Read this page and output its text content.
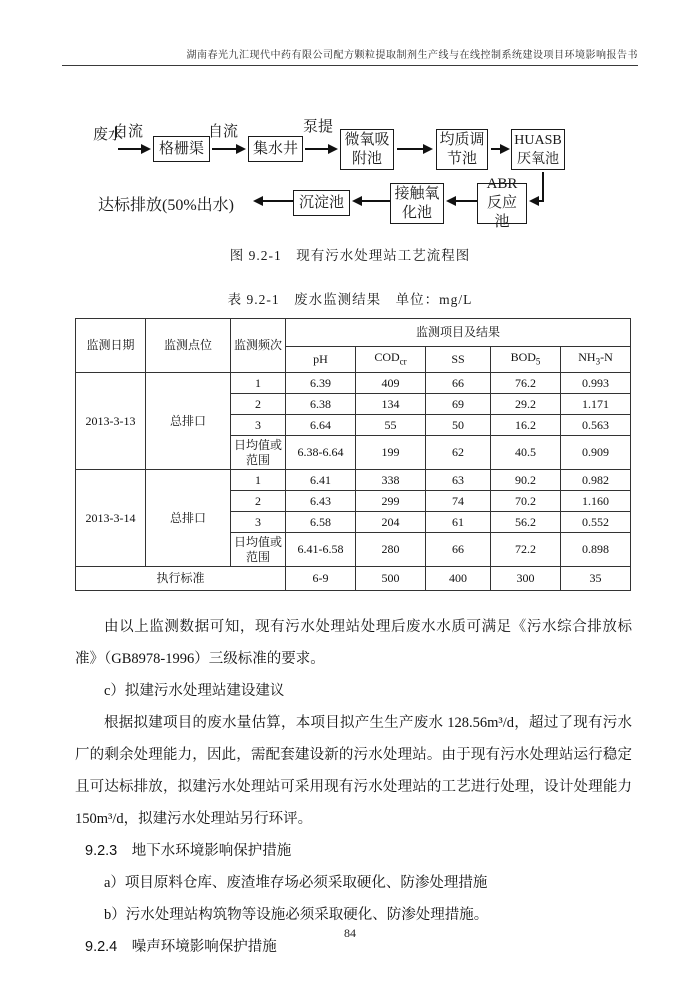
湖南春光九汇现代中药有限公司配方颗粒提取制剂生产线与在线控制系统建设项目环境影响报告书
废水
自流
格栅渠
自流
集水井
泵提
微氧吸附池
均质调节池
HUASB厌氧池
ABR反应池
接触氧化池
沉淀池
达标排放(50%出水)
图 9.2-1　现有污水处理站工艺流程图
表 9.2-1　废水监测结果　单位：mg/L
监测日期	监测点位	监测频次	监测项目及结果				
			pH	$COD_{cr}$	SS	$BOD_5$	$NH_3-N$
2013-3-13	总排口	1	6.39	409	66	76.2	0.993
		2	6.38	134	69	29.2	1.171
		3	6.64	55	50	16.2	0.563
		日均值或范围	6.38-6.64	199	62	40.5	0.909
2013-3-14	总排口	1	6.41	338	63	90.2	0.982
		2	6.43	299	74	70.2	1.160
		3	6.58	204	61	56.2	0.552
		日均值或范围	6.41-6.58	280	66	72.2	0.898
执行标准			6-9	500	400	300	35

由以上监测数据可知，现有污水处理站处理后废水水质可满足《污水综合排放标准》（GB8978-1996）三级标准的要求。

c）拟建污水处理站建设建议

根据拟建项目的废水量估算，本项目拟产生生产废水 128.56m³/d，超过了现有污水厂的剩余处理能力，因此，需配套建设新的污水处理站。由于现有污水处理站运行稳定且可达标排放，拟建污水处理站可采用现有污水处理站的工艺进行处理，设计处理能力150m³/d，拟建污水处理站另行环评。

9.2.3　地下水环境影响保护措施

a）项目原料仓库、废渣堆存场必须采取硬化、防渗处理措施

b）污水处理站构筑物等设施必须采取硬化、防渗处理措施。

9.2.4　噪声环境影响保护措施

84
